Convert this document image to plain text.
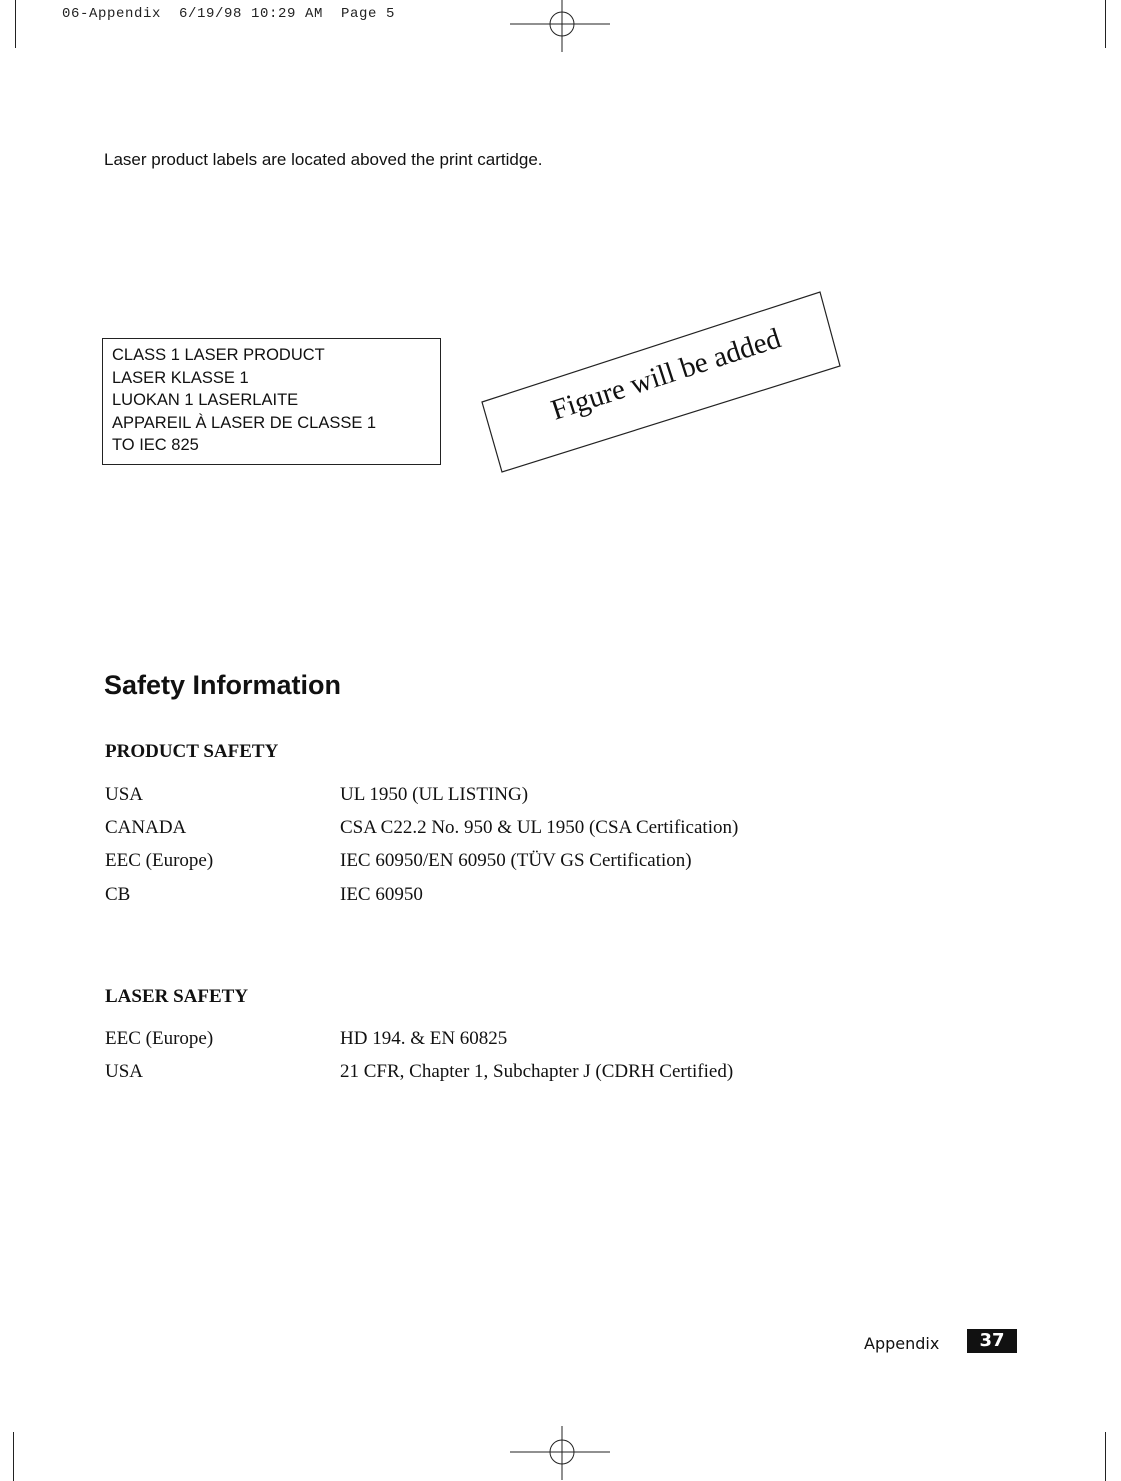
06-Appendix  6/19/98 10:29 AM  Page 5
Laser product labels are located aboved the print cartidge.
CLASS 1 LASER PRODUCT
LASER KLASSE 1
LUOKAN 1 LASERLAITE
APPAREIL À LASER DE CLASSE 1
TO IEC 825
Figure will be added
Safety Information
PRODUCT SAFETY
USA	UL 1950 (UL LISTING)
CANADA	CSA C22.2 No. 950 & UL 1950 (CSA Certification)
EEC (Europe)	IEC 60950/EN 60950 (TÜV GS Certification)
CB	IEC 60950
LASER SAFETY
EEC (Europe)	HD 194. & EN 60825
USA	21 CFR, Chapter 1, Subchapter J (CDRH Certified)
Appendix	37
